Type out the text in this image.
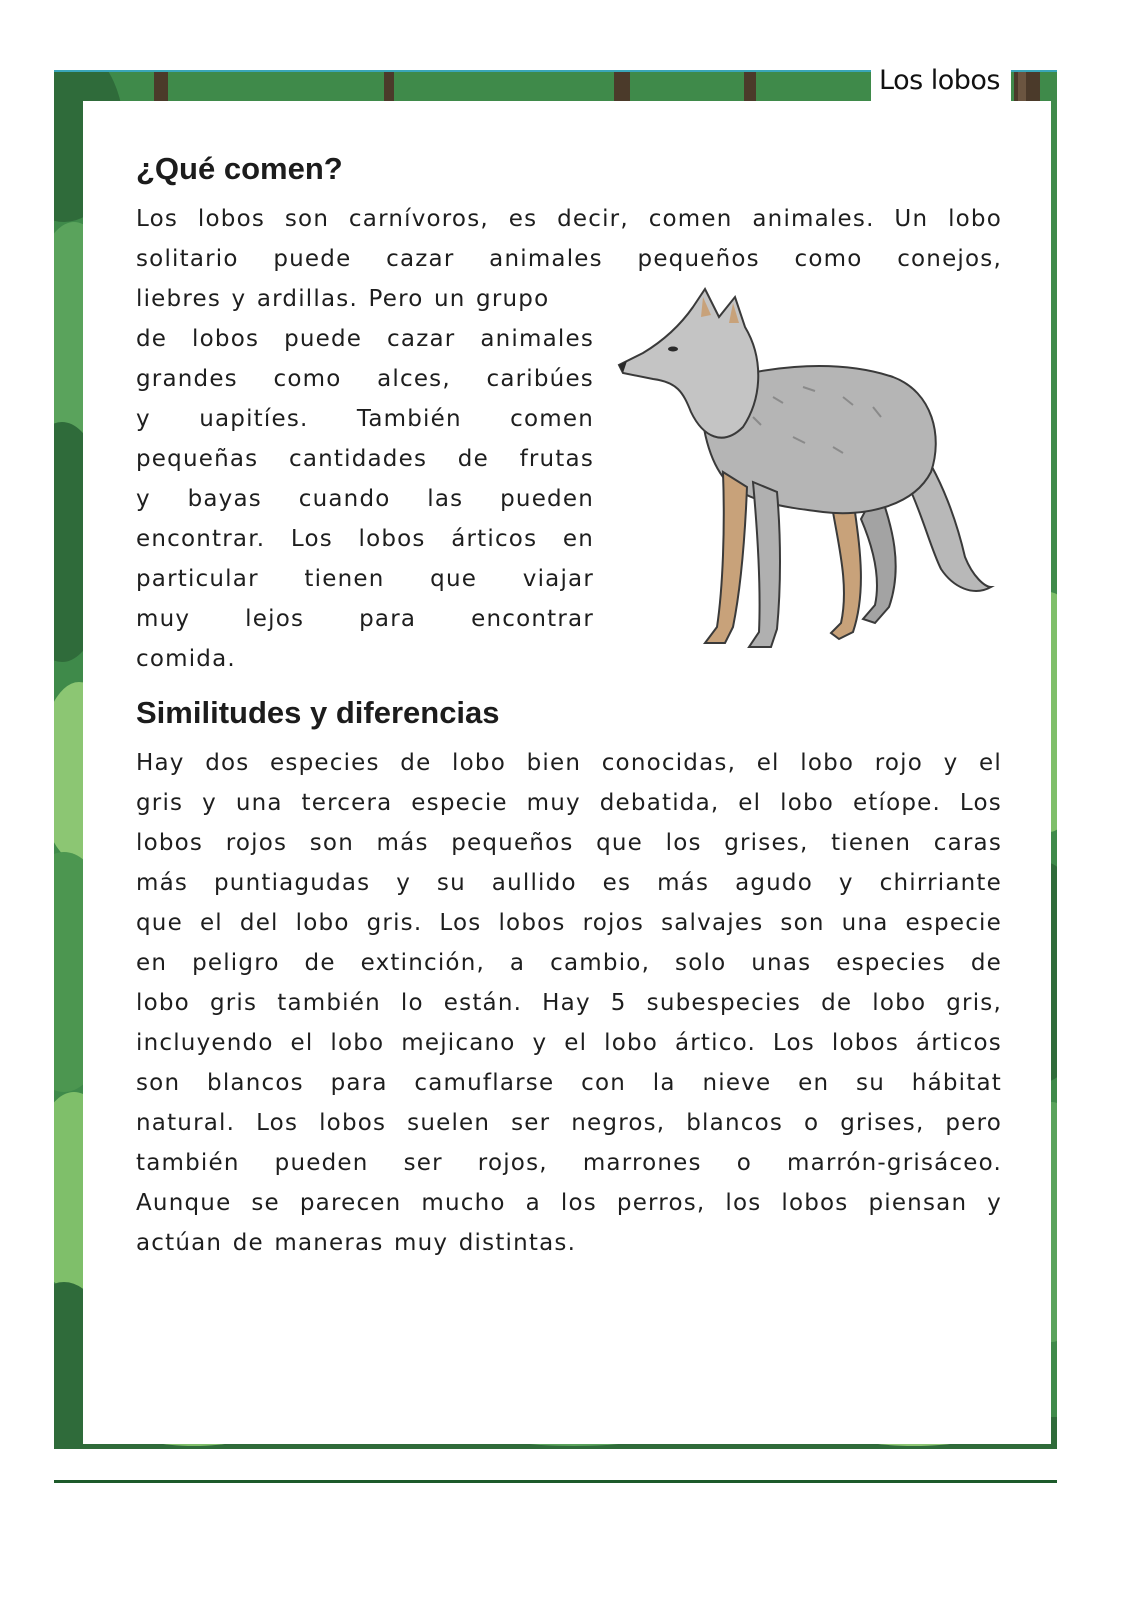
¿Qué comen?
Los lobos son carnívoros, es decir, comen animales. Un lobo
solitario puede cazar animales pequeños como conejos,
liebres y ardillas. Pero un grupo
de lobos puede cazar animales
grandes como alces, caribúes
y uapitíes. También comen
pequeñas cantidades de frutas
y bayas cuando las pueden
encontrar. Los lobos árticos en
particular tienen que viajar
muy lejos para encontrar
comida.
Similitudes y diferencias
Hay dos especies de lobo bien conocidas, el lobo rojo y el
gris y una tercera especie muy debatida, el lobo etíope. Los
lobos rojos son más pequeños que los grises, tienen caras
más puntiagudas y su aullido es más agudo y chirriante
que el del lobo gris. Los lobos rojos salvajes son una especie
en peligro de extinción, a cambio, solo unas especies de
lobo gris también lo están. Hay 5 subespecies de lobo gris,
incluyendo el lobo mejicano y el lobo ártico. Los lobos árticos
son blancos para camuflarse con la nieve en su hábitat
natural. Los lobos suelen ser negros, blancos o grises, pero
también pueden ser rojos, marrones o marrón-grisáceo.
Aunque se parecen mucho a los perros, los lobos piensan y
actúan de maneras muy distintas.
Los lobos
